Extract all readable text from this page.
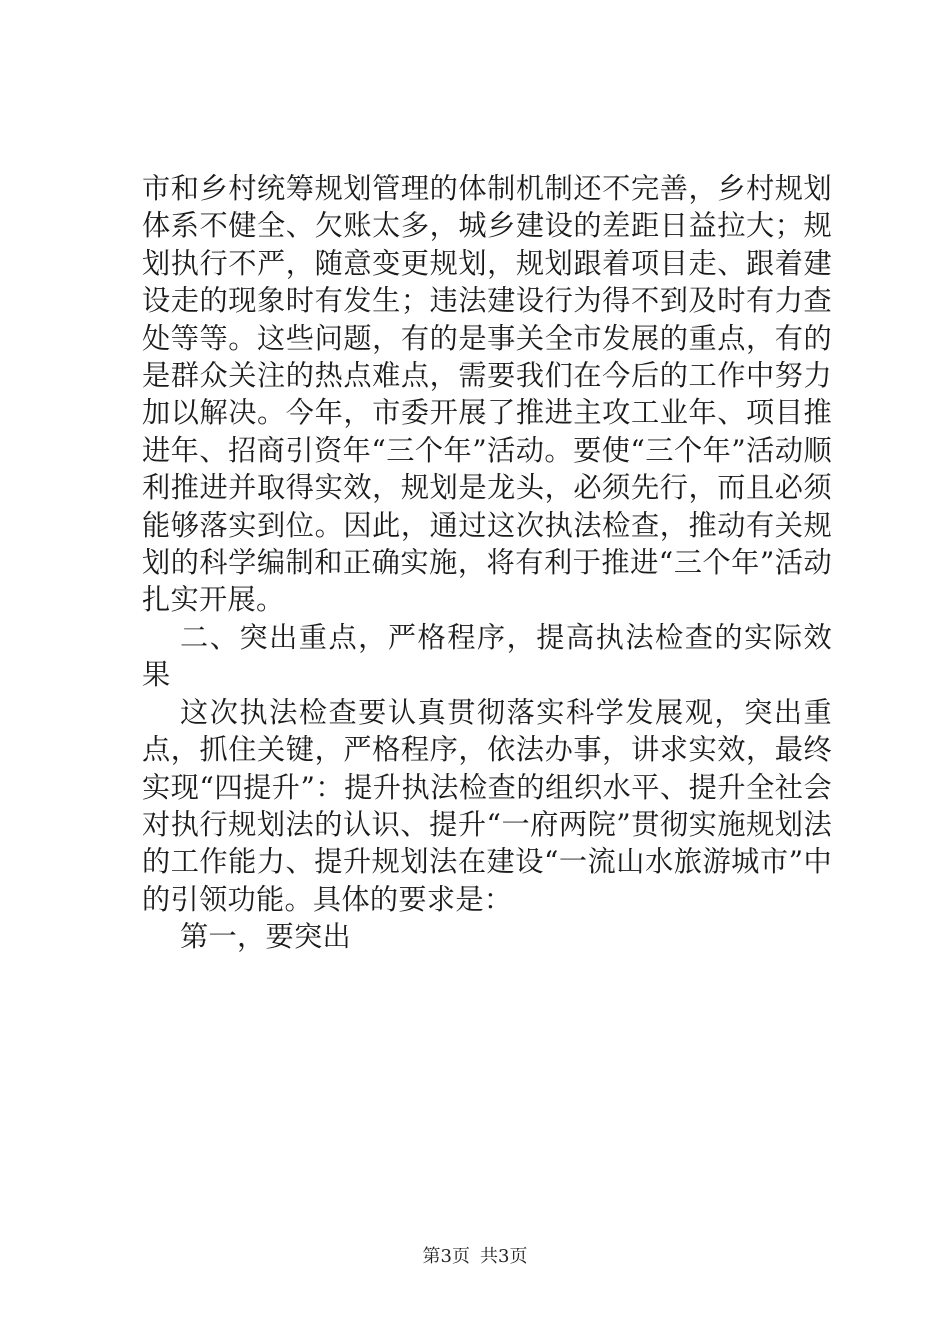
市和乡村统筹规划管理的体制机制还不完善，乡村规划体系不健全、欠账太多，城乡建设的差距日益拉大；规划执行不严，随意变更规划，规划跟着项目走、跟着建设走的现象时有发生；违法建设行为得不到及时有力查处等等。这些问题，有的是事关全市发展的重点，有的是群众关注的热点难点，需要我们在今后的工作中努力加以解决。今年，市委开展了推进主攻工业年、项目推进年、招商引资年“三个年”活动。要使“三个年”活动顺利推进并取得实效，规划是龙头，必须先行，而且必须能够落实到位。因此，通过这次执法检查，推动有关规划的科学编制和正确实施，将有利于推进“三个年”活动扎实开展。

二、突出重点，严格程序，提高执法检查的实际效果

这次执法检查要认真贯彻落实科学发展观，突出重点，抓住关键，严格程序，依法办事，讲求实效，最终实现“四提升”：提升执法检查的组织水平、提升全社会对执行规划法的认识、提升“一府两院”贯彻实施规划法的工作能力、提升规划法在建设“一流山水旅游城市”中的引领功能。具体的要求是：

第一，要突出

第3页 共3页
